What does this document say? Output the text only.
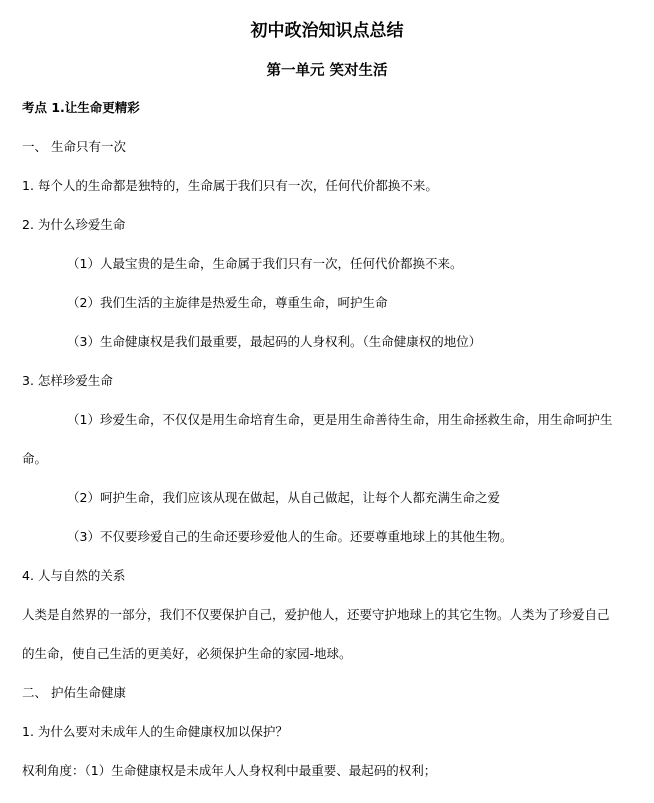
初中政治知识点总结
第一单元 笑对生活
考点 1.让生命更精彩
一、 生命只有一次
1. 每个人的生命都是独特的，生命属于我们只有一次，任何代价都换不来。
2. 为什么珍爱生命
（1）人最宝贵的是生命，生命属于我们只有一次，任何代价都换不来。
（2）我们生活的主旋律是热爱生命，尊重生命，呵护生命
（3）生命健康权是我们最重要，最起码的人身权利。（生命健康权的地位）
3. 怎样珍爱生命
（1）珍爱生命，不仅仅是用生命培育生命，更是用生命善待生命，用生命拯救生命，用生命呵护生
命。
（2）呵护生命，我们应该从现在做起，从自己做起，让每个人都充满生命之爱
（3）不仅要珍爱自己的生命还要珍爱他人的生命。还要尊重地球上的其他生物。
4. 人与自然的关系
人类是自然界的一部分，我们不仅要保护自己，爱护他人，还要守护地球上的其它生物。人类为了珍爱自己
的生命，使自己生活的更美好，必须保护生命的家园-地球。
二、 护佑生命健康
1. 为什么要对未成年人的生命健康权加以保护？
权利角度：（1）生命健康权是未成年人人身权利中最重要、最起码的权利；
